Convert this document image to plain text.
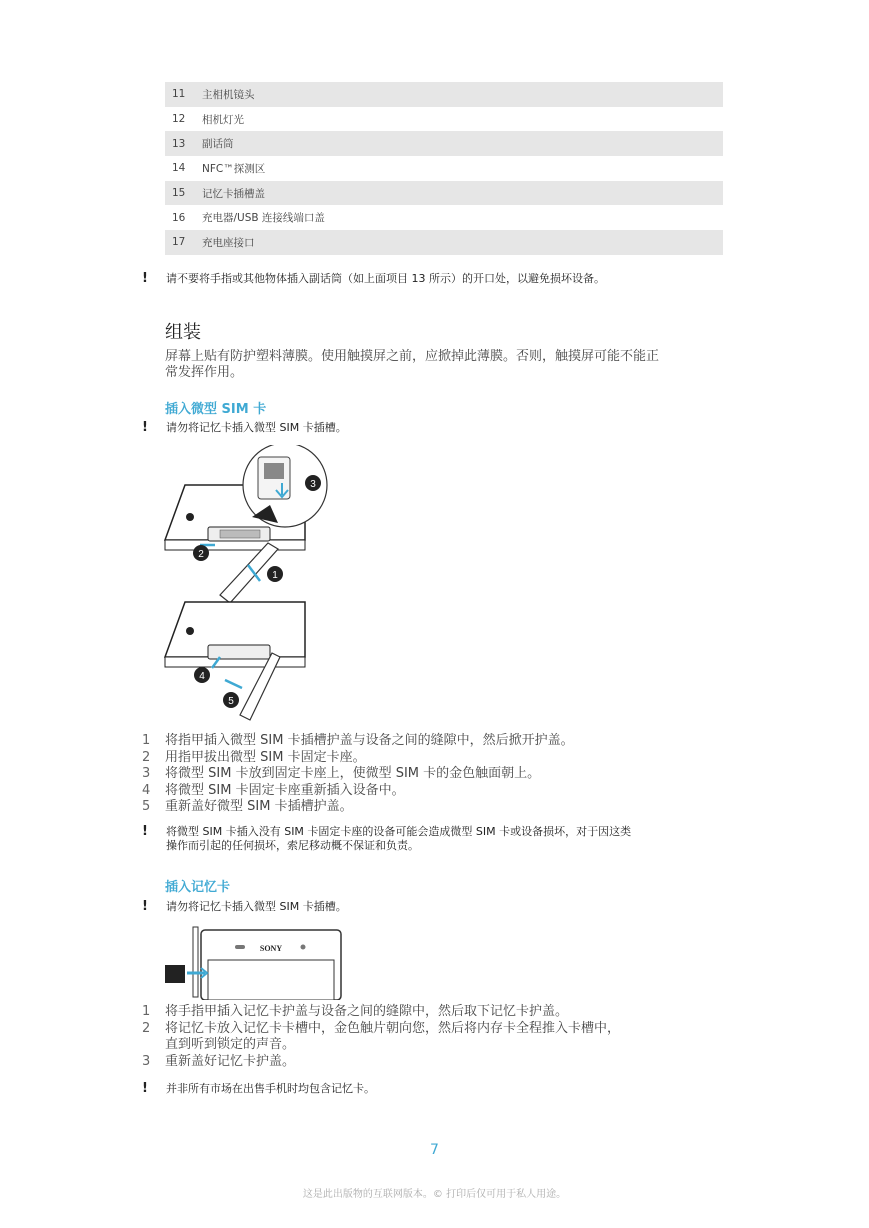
11	主相机镜头
12	相机灯光
13	副话筒
14	NFC™探测区
15	记忆卡插槽盖
16	充电器/USB 连接线端口盖
17	充电座接口
!	请不要将手指或其他物体插入副话筒（如上面项目 13 所示）的开口处，以避免损坏设备。
组装
屏幕上贴有防护塑料薄膜。使用触摸屏之前，应掀掉此薄膜。否则，触摸屏可能不能正
常发挥作用。
插入微型 SIM 卡
!	请勿将记忆卡插入微型 SIM 卡插槽。
3
2
1
4
5
1	将指甲插入微型 SIM 卡插槽护盖与设备之间的缝隙中，然后掀开护盖。
2	用指甲拔出微型 SIM 卡固定卡座。
3	将微型 SIM 卡放到固定卡座上，使微型 SIM 卡的金色触面朝上。
4	将微型 SIM 卡固定卡座重新插入设备中。
5	重新盖好微型 SIM 卡插槽护盖。
!	将微型 SIM 卡插入没有 SIM 卡固定卡座的设备可能会造成微型 SIM 卡或设备损坏，对于因这类
操作而引起的任何损坏，索尼移动概不保证和负责。
插入记忆卡
!	请勿将记忆卡插入微型 SIM 卡插槽。
SONY
1	将手指甲插入记忆卡护盖与设备之间的缝隙中，然后取下记忆卡护盖。
2	将记忆卡放入记忆卡卡槽中，金色触片朝向您，然后将内存卡全程推入卡槽中，
直到听到锁定的声音。
3	重新盖好记忆卡护盖。
!	并非所有市场在出售手机时均包含记忆卡。
7
这是此出版物的互联网版本。© 打印后仅可用于私人用途。
